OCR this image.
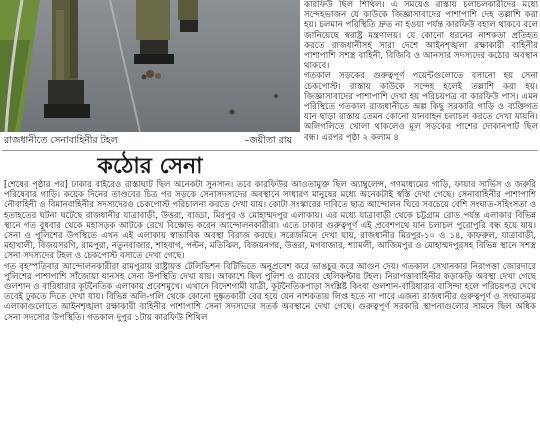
রাজধানীতে সেনাবাহিনীর টহল	–জয়ীতা রায়

কারফিউ ছিল শিথিল। এ সময়েও রাস্তায় চলাচলকারীদের মধ্যে সন্দেহভাজন যে কাউকে জিজ্ঞাসাবাদের পাশাপাশি দেহ তল্লাশি করা হয়। চলমান পরিস্থিতি দ্রুত না হওয়া পর্যন্ত কারফিউ বহাল থাকবে বলে জানিয়েছে স্বরাষ্ট্র মন্ত্রণালয়। যে কোনো ধরনের নাশকতা প্রতিহত করতে রাজধানীসহ সারা দেশে আইনশৃঙ্খলা রক্ষাকারী বাহিনীর পাশাপাশি সশস্ত্র বাহিনী, বিজিবি ও আনসার সদস্যদের কঠোর অবস্থান থাকবে।

গতকাল সড়কের গুরুত্বপূর্ণ পয়েন্টগুলোতে বসানো হয় সেনা চেকপোস্ট। রাস্তায় কাউকে সন্দেহ হলেই তল্লাশি করা হয়। জিজ্ঞাসাবাদের পাশাপাশি দেখা হয় পরিচয়পত্র বা কারফিউ পাস। এমন পরিস্থিতে গতকাল রাজধানীতে অল্প কিছু সরকারি গাড়ি ও ব্যক্তিগত যান ছাড়া রাস্তায় তেমন কোনো যানবাহন চলাচল করতে দেখা যায়নি। অলিগলিতে খোলা থাকলেও মূল সড়কের পাশের দোকানপাট ছিল বন্ধ। এরপর পৃষ্ঠা ২ কলাম ৪

কঠোর সেনা

[শেষের পৃষ্ঠার পর] ঢাকার বাইরেও রাস্তাঘাট ছিল অনেকটা সুনসান। তবে কারফিউর আওতামুক্ত ছিল অ্যাম্বুলেন্স, গণমাধ্যমের গাড়ি, ফায়ার সার্ভিস ও জরুরি পরিষেবার গাড়ি। কয়েক দিনের তাণ্ডবের চিত্র পর সড়কে সেনাসদস্যদের অবস্থানে সাধারণ মানুষের মধ্যে অনেকটাই স্বস্তি দেখা গেছে। সেনাবাহিনীর পাশাপাশি নৌবাহিনী ও বিমানবাহিনীর সদস্যদেরও চেকপোস্ট পরিচালনা করতে দেখা যায়। কোটা সংস্কারের দাবিতে ছাত্র আন্দোলন ঘিরে সবচেয়ে বেশি সংঘাত-সহিংসতা ও হতাহতের ঘটনা ঘটেছে রাজধানীর যাত্রাবাড়ী, উত্তরা, বাড্ডা, মিরপুর ও মোহাম্মদপুর এলাকায়। এর মধ্যে যাত্রাবাড়ী থেকে চট্টগ্রাম রোড পর্যন্ত এলাকার বিভিন্ন স্থানে গত বুধবার থেকে মহাসড়ক আটকে রেখে বিক্ষোভ করেন আন্দোলনকারীরা। এতে ঢাকার গুরুত্বপূর্ণ এই প্রবেশপথে যান চলাচল পুরোপুরি বন্ধ হয়ে যায়। সেনা ও পুলিশের উপস্থিতে এখন এই এলাকায় স্বাভাবিক অবস্থা বিরাজ করছে। সরেজমিনে দেখা যায়, রাজধানীর মিরপুর-১০ ও ১৪, কাফরুল, যাত্রাবাড়ী, মহাখালী, বিজয়সরণি, রামপুরা, নতুনবাজার, শাহবাগ, পল্টন, মতিঝিল, বিজয়নগর, উত্তরা, মগবাজার, শ্যামলী, আজিমপুর ও মোহাম্মদপুরসহ বিভিন্ন স্থানে সশস্ত্র সেনা সদস্যদের টহল ও চেকপোস্ট বসাতে দেখা গেছে।

গত বৃহস্পতিবার আন্দোলনকারীরা রামপুরায় রাষ্ট্রায়ত্ত টেলিভিশন বিটিভিতে অনুপ্রবেশ করে ভাঙচুর করে আগুন দেয়। গতকাল সেখানকার নিরাপত্তা জোরদারে পুলিশের পাশাপাশি সাঁজোয়া যানসহ সেনা উপস্থিতি দেখা যায়। আকাশে ছিল পুলিশ ও র‍্যাবের হেলিকপ্টার টহল। নিরাপত্তাবাহিনীর কড়াকড়ি অবস্থা দেখা গেছে গুলশান ও বারিধারার কূটনৈতিক এলাকায় প্রবেশমুখে। এখানে বিদেশগামী যাত্রী, কূটনৈতিকপাড়া সংশ্লিষ্ট কিংবা গুলশান-বারিধারার বাসিন্দা হলে পরিচয়পত্র দেখে তবেই ঢুকতে দিতে দেখা যায়। বিভিন্ন অলি-গলি থেকে কোনো দুষ্কৃতকারী বের হয়ে যেন নাশকতায় লিপ্ত হতে না পারে এজন্য রাজধানীর গুরুত্বপূর্ণ ও সংঘাতময় এলাকাগুলোতে আইনশৃঙ্খলা রক্ষাকারী বাহিনীর পাশাপাশি সেনা সদস্যদের সতর্ক অবস্থানে দেখা গেছে। গুরুত্বপূর্ণ সরকারি স্থাপনাগুলোর সামনে ছিল অধিক সেনা সদস্যের উপস্থিতি। গতকাল দুপুর ১টায় কারফিউ শিথিল
